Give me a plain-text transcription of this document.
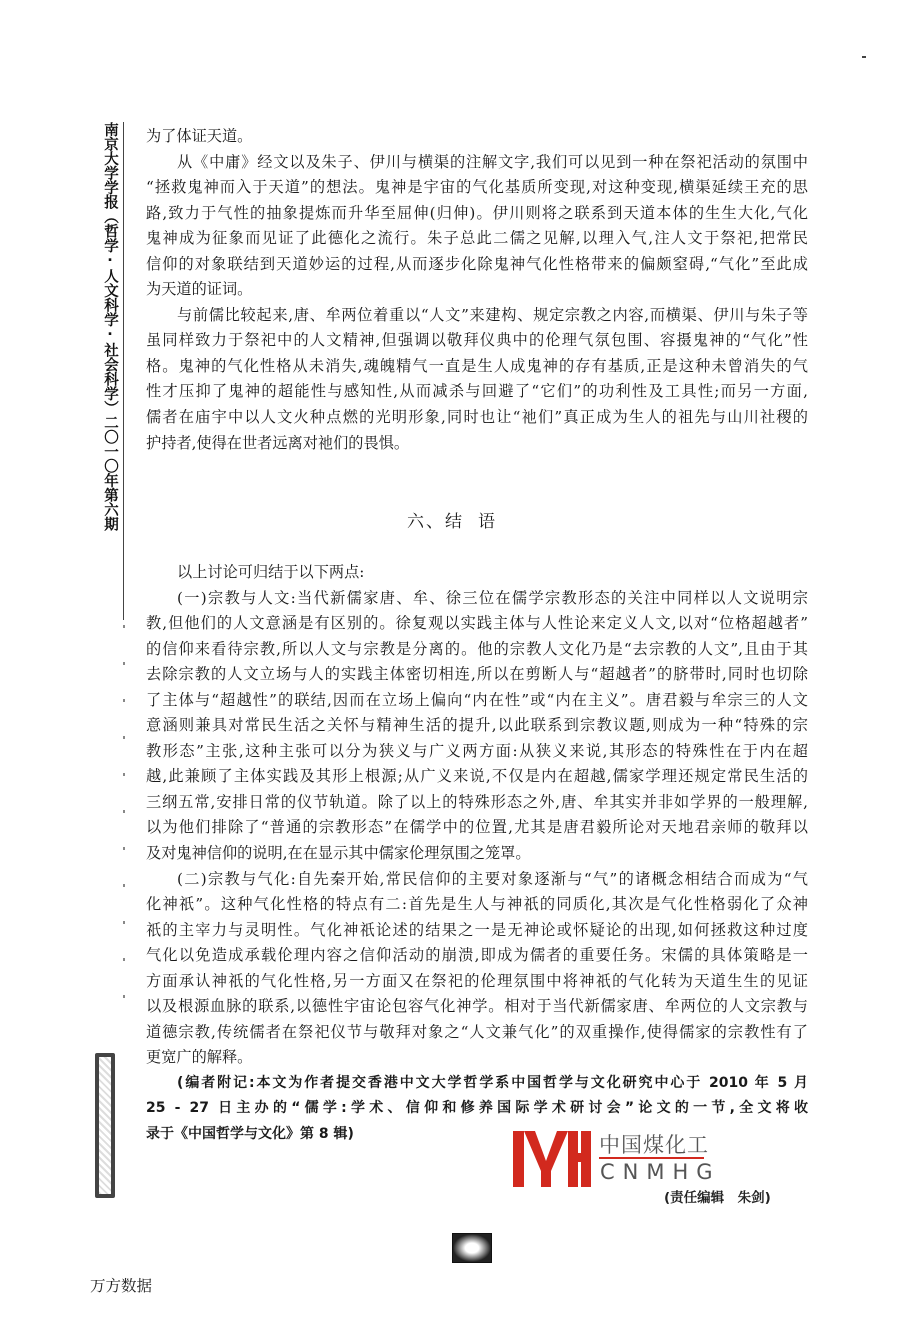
南京大学学报（哲学·人文科学·社会科学）二〇一〇年第六期 为了体证天道。
从《中庸》经文以及朱子、伊川与横渠的注解文字,我们可以见到一种在祭祀活动的氛围中
“拯救鬼神而入于天道”的想法。鬼神是宇宙的气化基质所变现,对这种变现,横渠延续王充的思
路,致力于气性的抽象提炼而升华至屈伸(归伸)。伊川则将之联系到天道本体的生生大化,气化
鬼神成为征象而见证了此德化之流行。朱子总此二儒之见解,以理入气,注人文于祭祀,把常民
信仰的对象联结到天道妙运的过程,从而逐步化除鬼神气化性格带来的偏颇窒碍,“气化”至此成
为天道的证词。
与前儒比较起来,唐、牟两位着重以“人文”来建构、规定宗教之内容,而横渠、伊川与朱子等
虽同样致力于祭祀中的人文精神,但强调以敬拜仪典中的伦理气氛包围、容摄鬼神的“气化”性
格。鬼神的气化性格从未消失,魂魄精气一直是生人成鬼神的存有基质,正是这种未曾消失的气
性才压抑了鬼神的超能性与感知性,从而减杀与回避了“它们”的功利性及工具性;而另一方面,
儒者在庙宇中以人文火种点燃的光明形象,同时也让“祂们”真正成为生人的祖先与山川社稷的
护持者,使得在世者远离对祂们的畏惧。
六、结 语
以上讨论可归结于以下两点:
(一)宗教与人文:当代新儒家唐、牟、徐三位在儒学宗教形态的关注中同样以人文说明宗
教,但他们的人文意涵是有区别的。徐复观以实践主体与人性论来定义人文,以对“位格超越者”
的信仰来看待宗教,所以人文与宗教是分离的。他的宗教人文化乃是“去宗教的人文”,且由于其
去除宗教的人文立场与人的实践主体密切相连,所以在剪断人与“超越者”的脐带时,同时也切除
了主体与“超越性”的联结,因而在立场上偏向“内在性”或“内在主义”。唐君毅与牟宗三的人文
意涵则兼具对常民生活之关怀与精神生活的提升,以此联系到宗教议题,则成为一种“特殊的宗
教形态”主张,这种主张可以分为狭义与广义两方面:从狭义来说,其形态的特殊性在于内在超
越,此兼顾了主体实践及其形上根源;从广义来说,不仅是内在超越,儒家学理还规定常民生活的
三纲五常,安排日常的仪节轨道。除了以上的特殊形态之外,唐、牟其实并非如学界的一般理解,
以为他们排除了“普通的宗教形态”在儒学中的位置,尤其是唐君毅所论对天地君亲师的敬拜以
及对鬼神信仰的说明,在在显示其中儒家伦理氛围之笼罩。
(二)宗教与气化:自先秦开始,常民信仰的主要对象逐渐与“气”的诸概念相结合而成为“气
化神祇”。这种气化性格的特点有二:首先是生人与神祇的同质化,其次是气化性格弱化了众神
祇的主宰力与灵明性。气化神祇论述的结果之一是无神论或怀疑论的出现,如何拯救这种过度
气化以免造成承载伦理内容之信仰活动的崩溃,即成为儒者的重要任务。宋儒的具体策略是一
方面承认神祇的气化性格,另一方面又在祭祀的伦理氛围中将神祇的气化转为天道生生的见证
以及根源血脉的联系,以德性宇宙论包容气化神学。相对于当代新儒家唐、牟两位的人文宗教与
道德宗教,传统儒者在祭祀仪节与敬拜对象之“人文兼气化”的双重操作,使得儒家的宗教性有了
更宽广的解释。
(编者附记:本文为作者提交香港中文大学哲学系中国哲学与文化研究中心于 2010 年 5 月
25 - 27 日主办的“儒学:学术、信仰和修养国际学术研讨会”论文的一节,全文将收
录于《中国哲学与文化》第 8 辑)
(责任编辑　朱剑)
中国煤化工
CNMHG
万方数据
